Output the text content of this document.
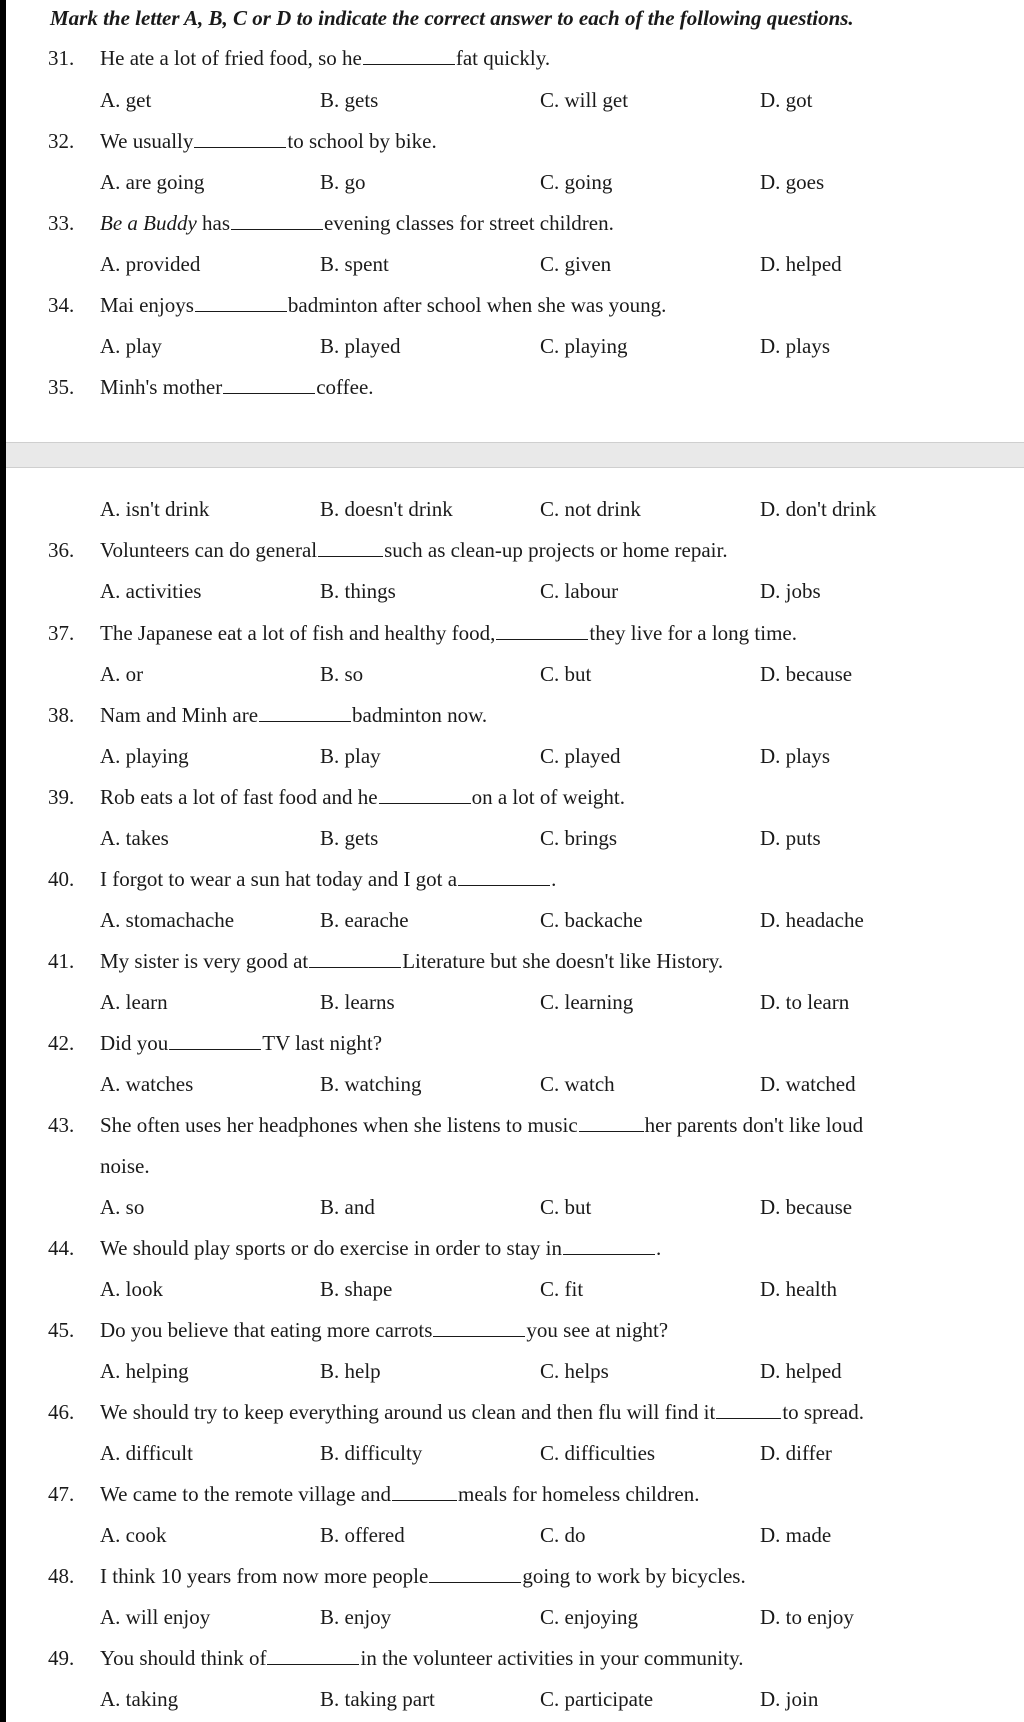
Mark the letter A, B, C or D to indicate the correct answer to each of the following questions.
31. He ate a lot of fried food, so he	fat quickly.
A. get	B. gets	C. will get	D. got
32. We usually	to school by bike.
A. are going	B. go	C. going	D. goes
33. Be a Buddy has	evening classes for street children.
A. provided	B. spent	C. given	D. helped
34. Mai enjoys	badminton after school when she was young.
A. play	B. played	C. playing	D. plays
35. Minh's mother	coffee.
A. isn't drink	B. doesn't drink	C. not drink	D. don't drink
36. Volunteers can do general	such as clean-up projects or home repair.
A. activities	B. things	C. labour	D. jobs
37. The Japanese eat a lot of fish and healthy food,	they live for a long time.
A. or	B. so	C. but	D. because
38. Nam and Minh are	badminton now.
A. playing	B. play	C. played	D. plays
39. Rob eats a lot of fast food and he	on a lot of weight.
A. takes	B. gets	C. brings	D. puts
40. I forgot to wear a sun hat today and I got a	.
A. stomachache	B. earache	C. backache	D. headache
41. My sister is very good at	Literature but she doesn't like History.
A. learn	B. learns	C. learning	D. to learn
42. Did you	TV last night?
A. watches	B. watching	C. watch	D. watched
43. She often uses her headphones when she listens to music	her parents don't like loud
noise.
A. so	B. and	C. but	D. because
44. We should play sports or do exercise in order to stay in	.
A. look	B. shape	C. fit	D. health
45. Do you believe that eating more carrots	you see at night?
A. helping	B. help	C. helps	D. helped
46. We should try to keep everything around us clean and then flu will find it	to spread.
A. difficult	B. difficulty	C. difficulties	D. differ
47. We came to the remote village and	meals for homeless children.
A. cook	B. offered	C. do	D. made
48. I think 10 years from now more people	going to work by bicycles.
A. will enjoy	B. enjoy	C. enjoying	D. to enjoy
49. You should think of	in the volunteer activities in your community.
A. taking	B. taking part	C. participate	D. join
